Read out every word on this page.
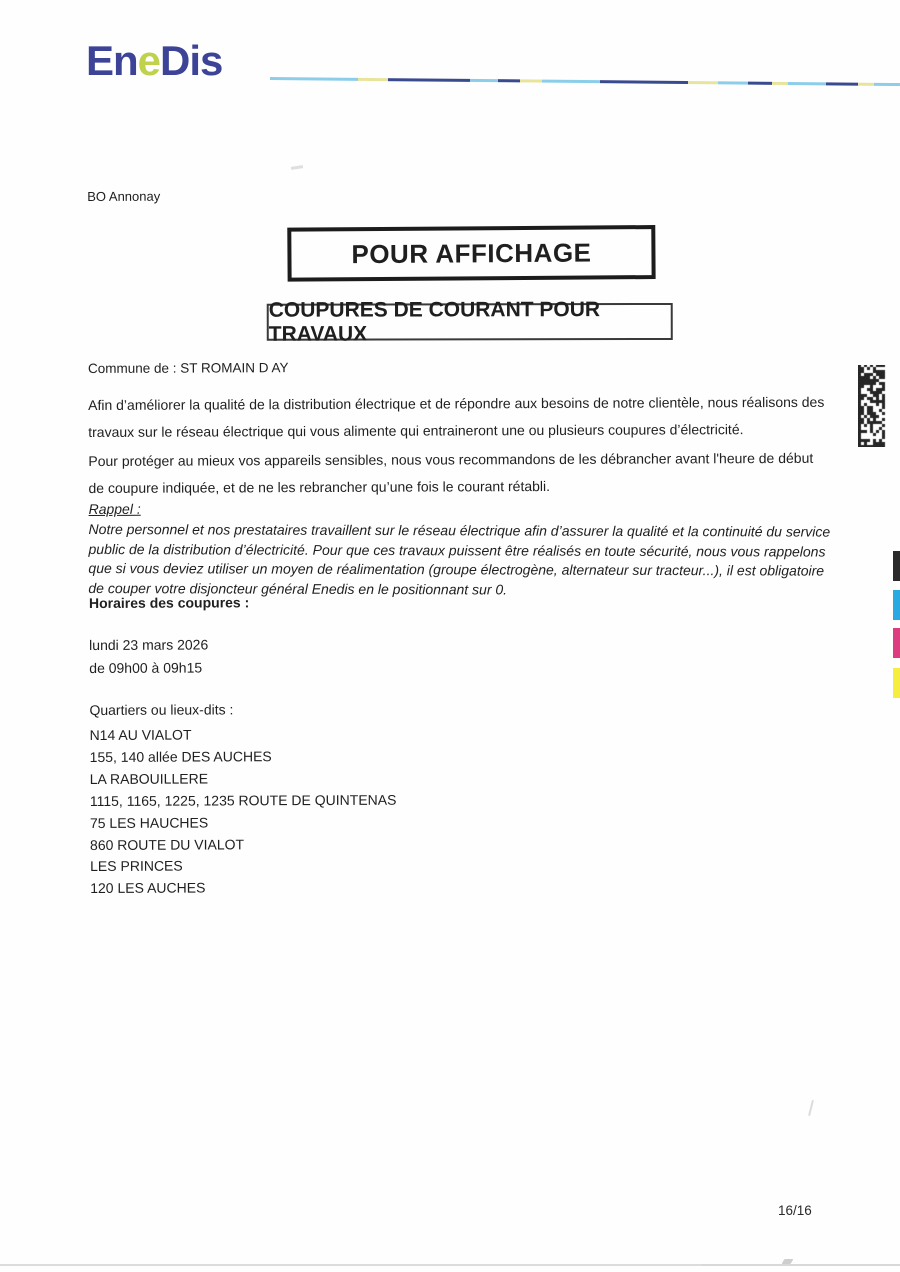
EneDis
BO Annonay
POUR AFFICHAGE
COUPURES DE COURANT POUR TRAVAUX
Commune de : ST ROMAIN D AY
Afin d’améliorer la qualité de la distribution électrique et de répondre aux besoins de notre clientèle, nous réalisons des travaux sur le réseau électrique qui vous alimente qui entraineront une ou plusieurs coupures d’électricité.
Pour protéger au mieux vos appareils sensibles, nous vous recommandons de les débrancher avant l'heure de début de coupure indiquée, et de ne les rebrancher qu’une fois le courant rétabli.
Rappel :
Notre personnel et nos prestataires travaillent sur le réseau électrique afin d’assurer la qualité et la continuité du service public de la distribution d’électricité. Pour que ces travaux puissent être réalisés en toute sécurité, nous vous rappelons que si vous deviez utiliser un moyen de réalimentation (groupe électrogène, alternateur sur tracteur...), il est obligatoire de couper votre disjoncteur général Enedis en le positionnant sur 0.
Horaires des coupures :
lundi 23 mars 2026
de 09h00 à 09h15
Quartiers ou lieux-dits :
N14 AU VIALOT
155, 140 allée DES AUCHES
LA RABOUILLERE
1115, 1165, 1225, 1235 ROUTE DE QUINTENAS
75 LES HAUCHES
860 ROUTE DU VIALOT
LES PRINCES
120 LES AUCHES
16/16
